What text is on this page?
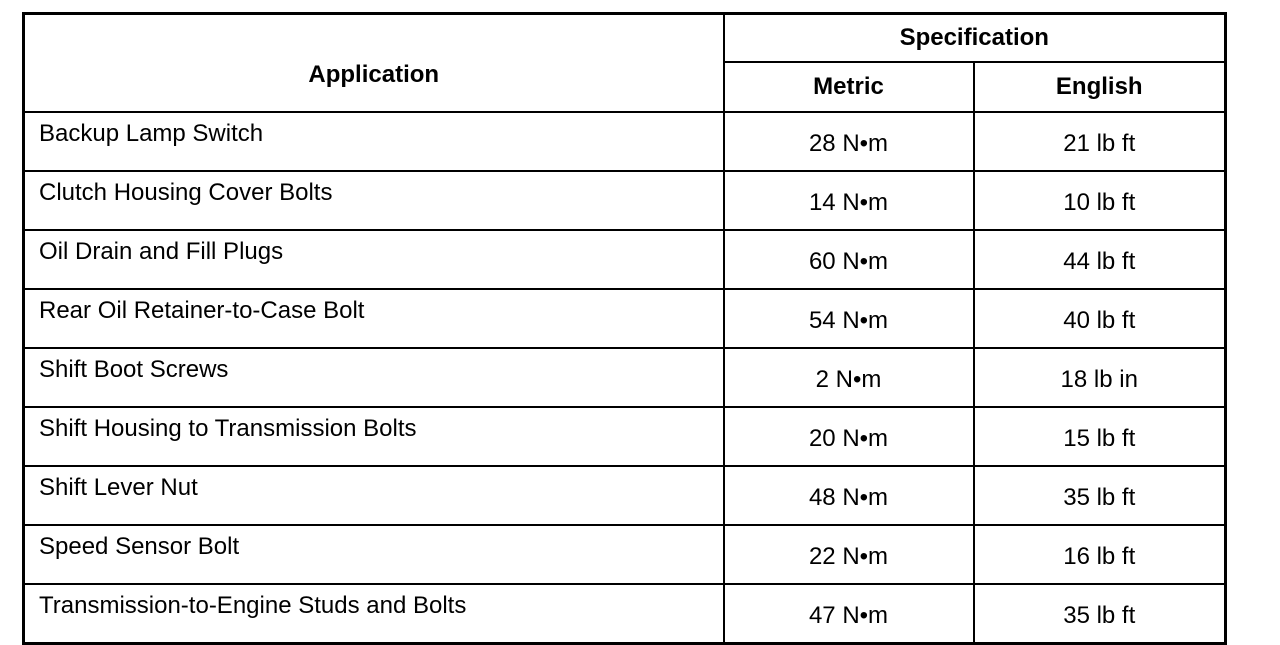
Application	Specification	
	Metric	English
Backup Lamp Switch	28 N•m	21 lb ft
Clutch Housing Cover Bolts	14 N•m	10 lb ft
Oil Drain and Fill Plugs	60 N•m	44 lb ft
Rear Oil Retainer-to-Case Bolt	54 N•m	40 lb ft
Shift Boot Screws	2 N•m	18 lb in
Shift Housing to Transmission Bolts	20 N•m	15 lb ft
Shift Lever Nut	48 N•m	35 lb ft
Speed Sensor Bolt	22 N•m	16 lb ft
Transmission-to-Engine Studs and Bolts	47 N•m	35 lb ft
